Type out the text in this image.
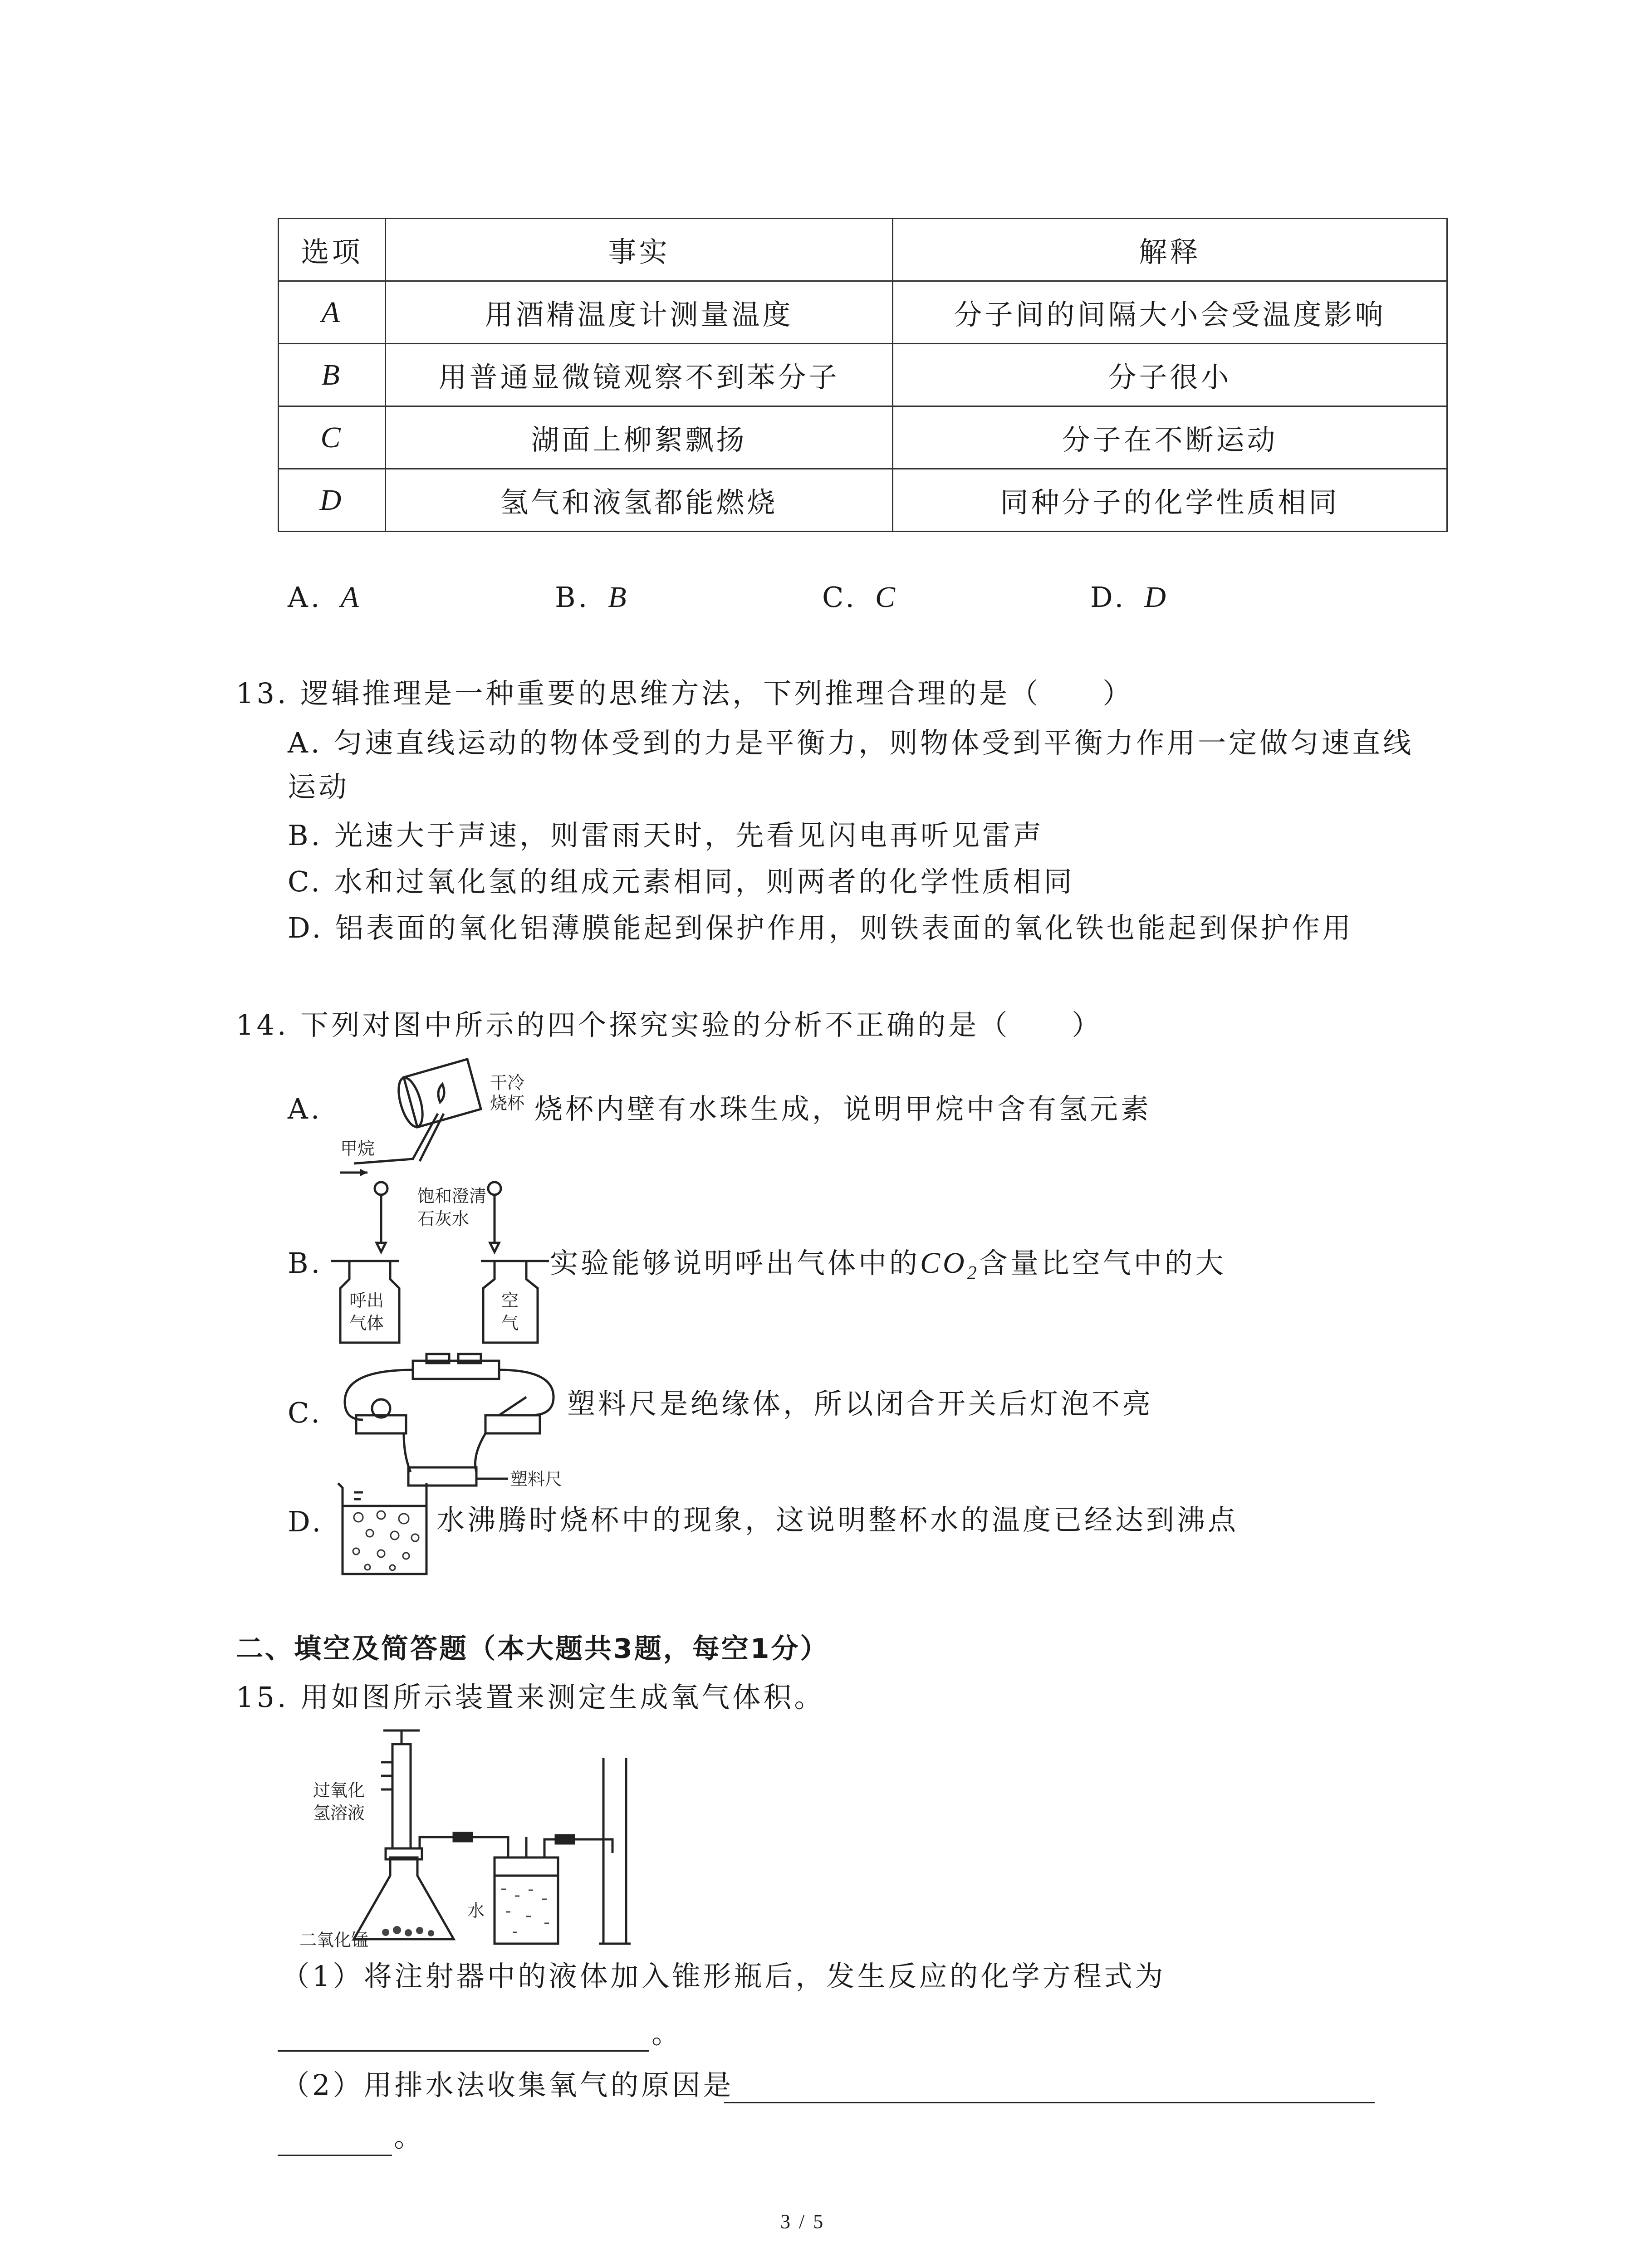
选项	事实	解释
A	用酒精温度计测量温度	分子间的间隔大小会受温度影响
B	用普通显微镜观察不到苯分子	分子很小
C	湖面上柳絮飘扬	分子在不断运动
D	氢气和液氢都能燃烧	同种分子的化学性质相同
A. A	B. B	C. C	D. D
13. 逻辑推理是一种重要的思维方法，下列推理合理的是（　　）
A. 匀速直线运动的物体受到的力是平衡力，则物体受到平衡力作用一定做匀速直线
运动
B. 光速大于声速，则雷雨天时，先看见闪电再听见雷声
C. 水和过氧化氢的组成元素相同，则两者的化学性质相同
D. 铝表面的氧化铝薄膜能起到保护作用，则铁表面的氧化铁也能起到保护作用
14. 下列对图中所示的四个探究实验的分析不正确的是（　　）
A.
干冷
烧杯
甲烷
烧杯内壁有水珠生成，说明甲烷中含有氢元素
B.
饱和澄清
石灰水
呼出
气体
空
气
实验能够说明呼出气体中的$CO_2$含量比空气中的大
C.
塑料尺
塑料尺是绝缘体，所以闭合开关后灯泡不亮
D.	水沸腾时烧杯中的现象，这说明整杯水的温度已经达到沸点
二、填空及简答题（本大题共3题，每空1分）
15. 用如图所示装置来测定生成氧气体积。
过氧化
氢溶液
水
二氧化锰
（1）将注射器中的液体加入锥形瓶后，发生反应的化学方程式为
。
（2）用排水法收集氧气的原因是
。
3 / 5
